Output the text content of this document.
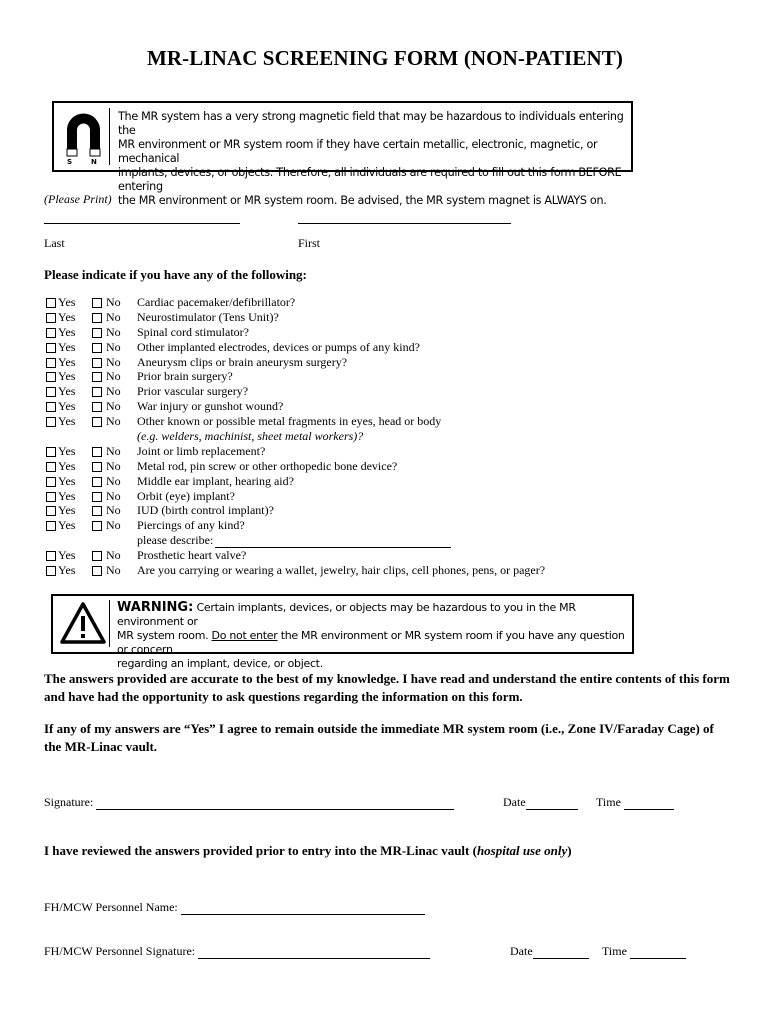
MR-LINAC SCREENING FORM (NON-PATIENT)
S	N
The MR system has a very strong magnetic field that may be hazardous to individuals entering the
MR environment or MR system room if they have certain metallic, electronic, magnetic, or mechanical
implants, devices, or objects. Therefore, all individuals are required to fill out this form BEFORE entering
the MR environment or MR system room. Be advised, the MR system magnet is ALWAYS on.
(Please Print)
Last	First
Please indicate if you have any of the following:
Yes	No Cardiac pacemaker/defibrillator?
Yes	No Neurostimulator (Tens Unit)?
Yes	No Spinal cord stimulator?
Yes	No Other implanted electrodes, devices or pumps of any kind?
Yes	No Aneurysm clips or brain aneurysm surgery?
Yes	No Prior brain surgery?
Yes	No Prior vascular surgery?
Yes	No War injury or gunshot wound?
Yes	No Other known or possible metal fragments in eyes, head or body
(e.g. welders, machinist, sheet metal workers)?
Yes	No Joint or limb replacement?
Yes	No Metal rod, pin screw or other orthopedic bone device?
Yes	No Middle ear implant, hearing aid?
Yes	No Orbit (eye) implant?
Yes	No IUD (birth control implant)?
Yes	No Piercings of any kind?
please describe:
Yes	No Prosthetic heart valve?
Yes	No Are you carrying or wearing a wallet, jewelry, hair clips, cell phones, pens, or pager?
WARNING: Certain implants, devices, or objects may be hazardous to you in the MR environment or
MR system room. Do not enter the MR environment or MR system room if you have any question or concern
regarding an implant, device, or object.
The answers provided are accurate to the best of my knowledge. I have read and understand the entire contents of this form and have had the opportunity to ask questions regarding the information on this form.
If any of my answers are “Yes” I agree to remain outside the immediate MR system room (i.e., Zone IV/Faraday Cage) of the MR-Linac vault.
Signature:	Date	Time
I have reviewed the answers provided prior to entry into the MR-Linac vault (hospital use only)
FH/MCW Personnel Name:
FH/MCW Personnel Signature:	Date	Time
